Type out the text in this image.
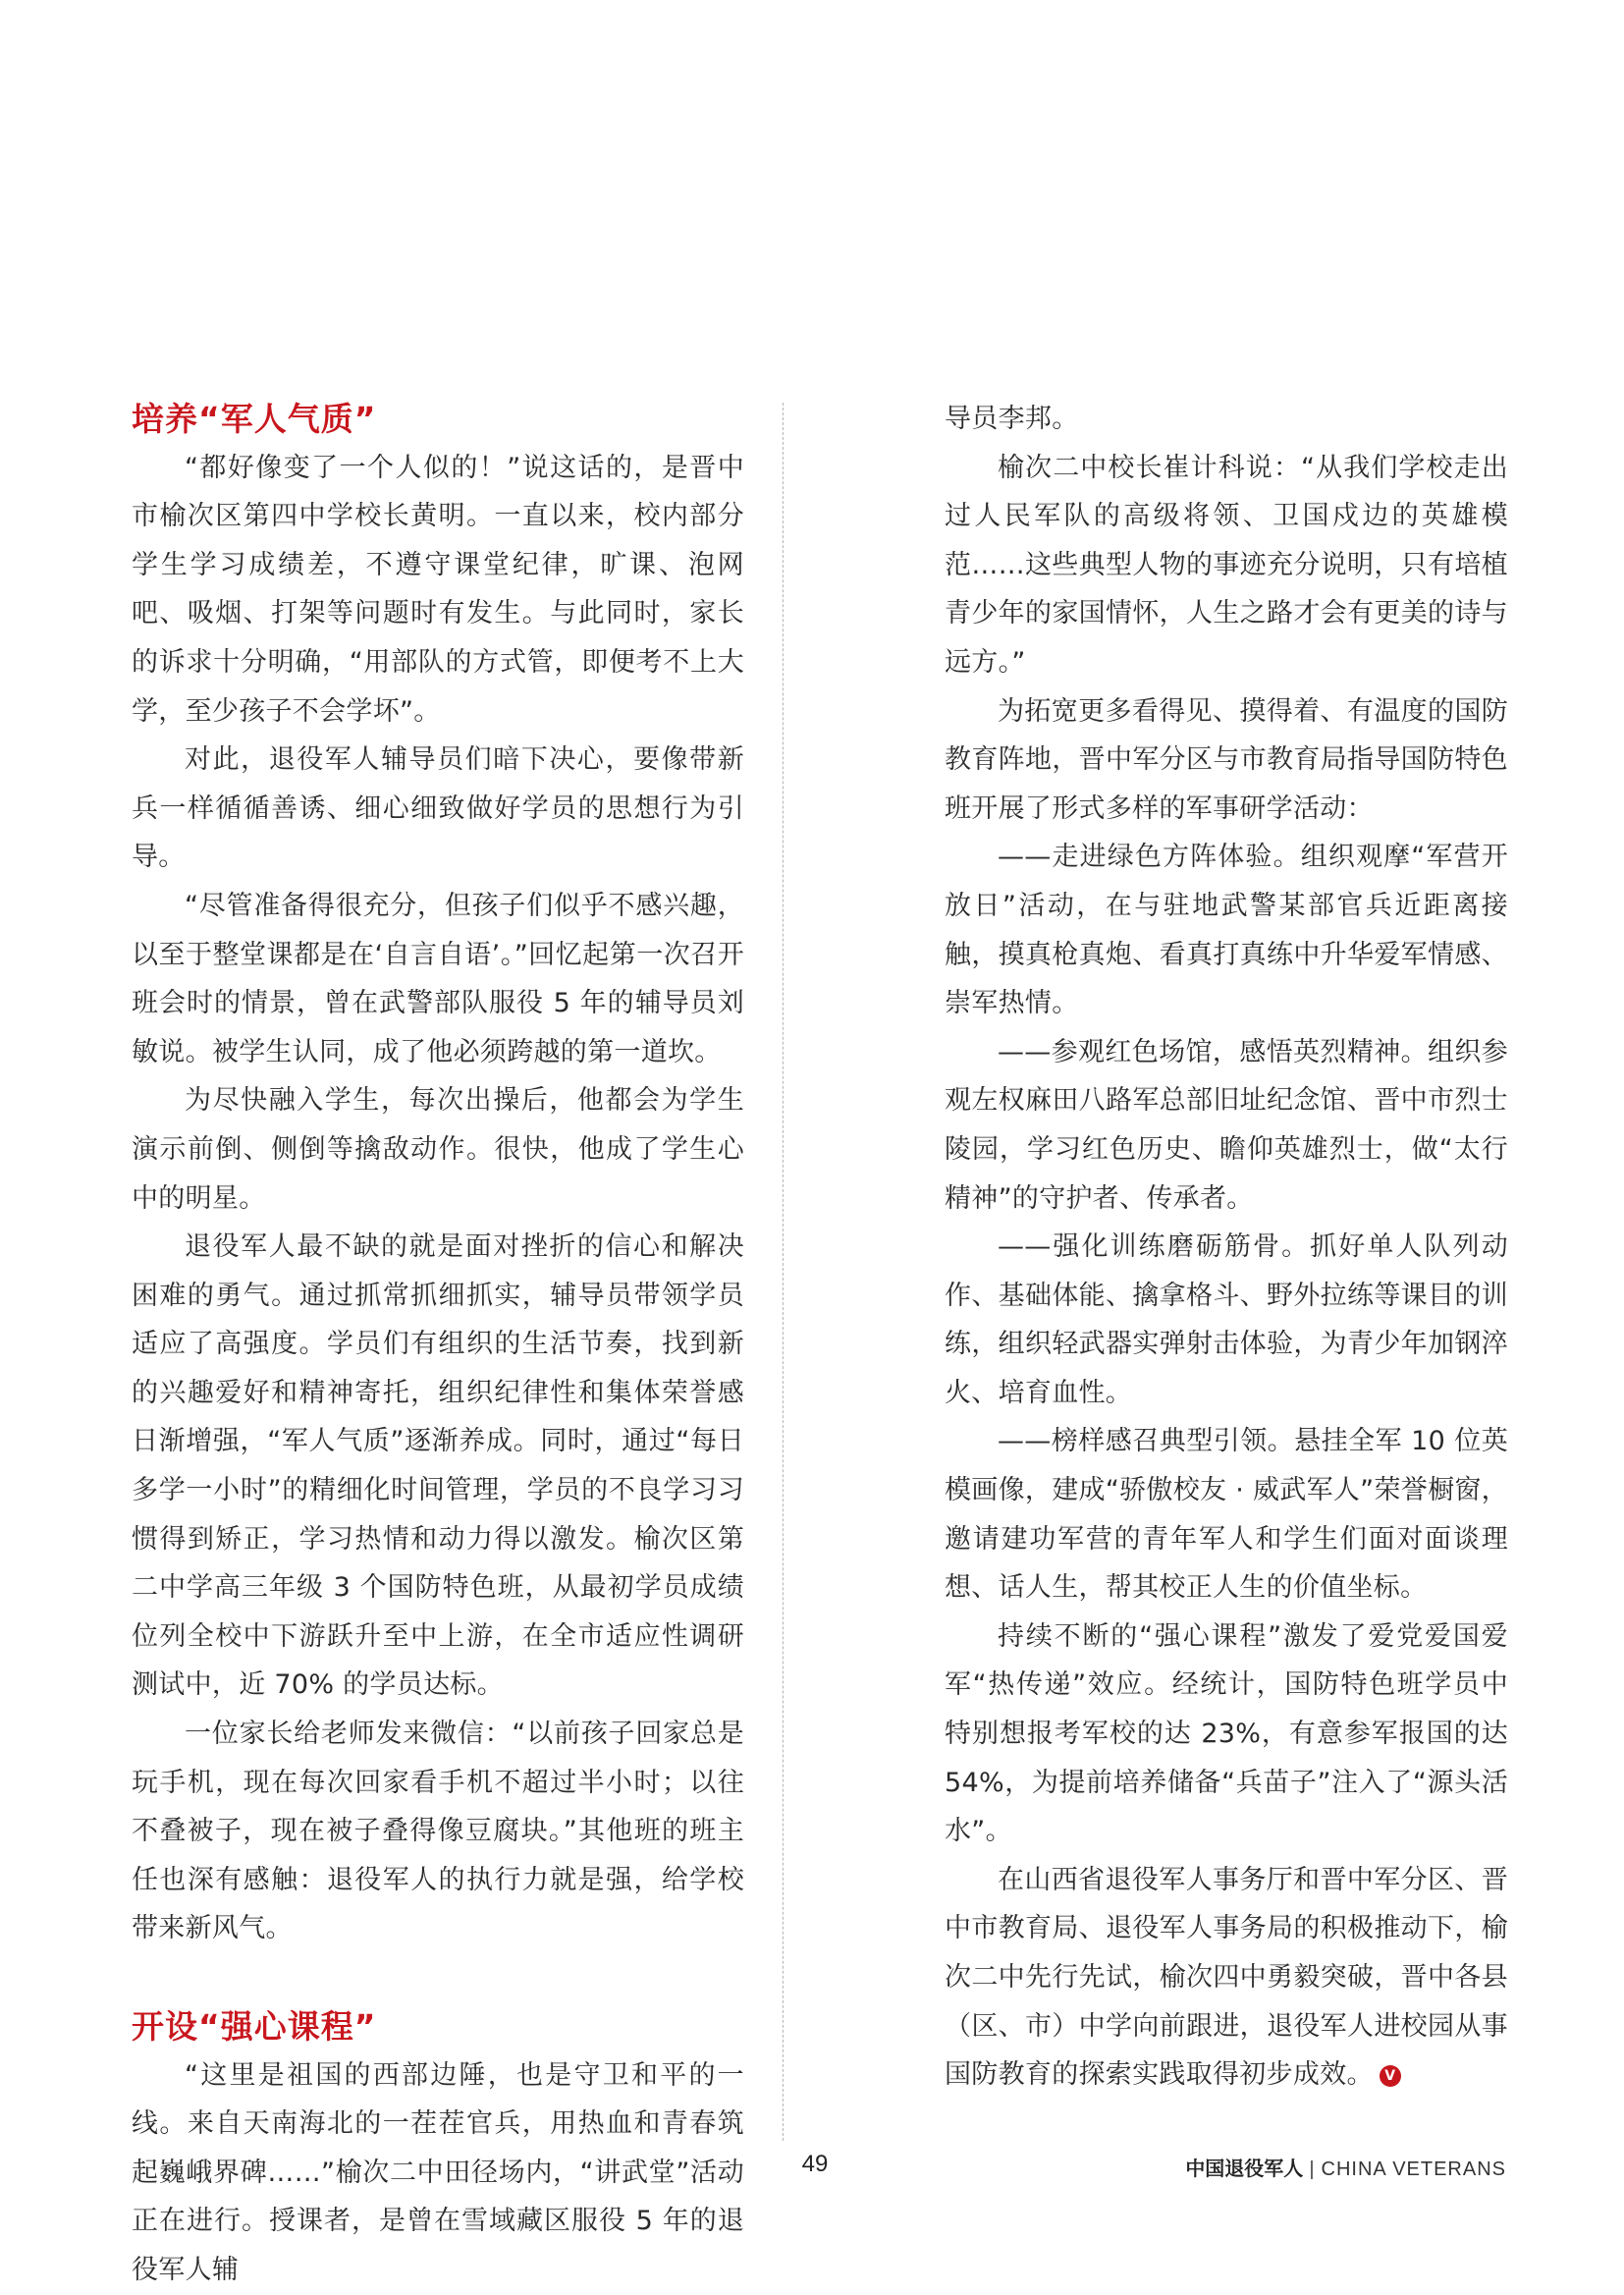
培养“军人气质”

“都好像变了一个人似的！”说这话的，是晋中市榆次区第四中学校长黄明。一直以来，校内部分学生学习成绩差，不遵守课堂纪律，旷课、泡网吧、吸烟、打架等问题时有发生。与此同时，家长的诉求十分明确，“用部队的方式管，即便考不上大学，至少孩子不会学坏”。

对此，退役军人辅导员们暗下决心，要像带新兵一样循循善诱、细心细致做好学员的思想行为引导。

“尽管准备得很充分，但孩子们似乎不感兴趣，以至于整堂课都是在‘自言自语’。”回忆起第一次召开班会时的情景，曾在武警部队服役 5 年的辅导员刘敏说。被学生认同，成了他必须跨越的第一道坎。

为尽快融入学生，每次出操后，他都会为学生演示前倒、侧倒等擒敌动作。很快，他成了学生心中的明星。

退役军人最不缺的就是面对挫折的信心和解决困难的勇气。通过抓常抓细抓实，辅导员带领学员适应了高强度。学员们有组织的生活节奏，找到新的兴趣爱好和精神寄托，组织纪律性和集体荣誉感日渐增强，“军人气质”逐渐养成。同时，通过“每日多学一小时”的精细化时间管理，学员的不良学习习惯得到矫正，学习热情和动力得以激发。榆次区第二中学高三年级 3 个国防特色班，从最初学员成绩位列全校中下游跃升至中上游，在全市适应性调研测试中，近 70% 的学员达标。

一位家长给老师发来微信：“以前孩子回家总是玩手机，现在每次回家看手机不超过半小时；以往不叠被子，现在被子叠得像豆腐块。”其他班的班主任也深有感触：退役军人的执行力就是强，给学校带来新风气。

开设“强心课程”

“这里是祖国的西部边陲，也是守卫和平的一线。来自天南海北的一茬茬官兵，用热血和青春筑起巍峨界碑……”榆次二中田径场内，“讲武堂”活动正在进行。授课者，是曾在雪域藏区服役 5 年的退役军人辅

导员李邦。

榆次二中校长崔计科说：“从我们学校走出过人民军队的高级将领、卫国戍边的英雄模范……这些典型人物的事迹充分说明，只有培植青少年的家国情怀，人生之路才会有更美的诗与远方。”

为拓宽更多看得见、摸得着、有温度的国防教育阵地，晋中军分区与市教育局指导国防特色班开展了形式多样的军事研学活动：

——走进绿色方阵体验。组织观摩“军营开放日”活动，在与驻地武警某部官兵近距离接触，摸真枪真炮、看真打真练中升华爱军情感、崇军热情。

——参观红色场馆，感悟英烈精神。组织参观左权麻田八路军总部旧址纪念馆、晋中市烈士陵园，学习红色历史、瞻仰英雄烈士，做“太行精神”的守护者、传承者。

——强化训练磨砺筋骨。抓好单人队列动作、基础体能、擒拿格斗、野外拉练等课目的训练，组织轻武器实弹射击体验，为青少年加钢淬火、培育血性。

——榜样感召典型引领。悬挂全军 10 位英模画像，建成“骄傲校友 · 威武军人”荣誉橱窗，邀请建功军营的青年军人和学生们面对面谈理想、话人生，帮其校正人生的价值坐标。

持续不断的“强心课程”激发了爱党爱国爱军“热传递”效应。经统计，国防特色班学员中特别想报考军校的达 23%，有意参军报国的达 54%，为提前培养储备“兵苗子”注入了“源头活水”。

在山西省退役军人事务厅和晋中军分区、晋中市教育局、退役军人事务局的积极推动下，榆次二中先行先试，榆次四中勇毅突破，晋中各县（区、市）中学向前跟进，退役军人进校园从事国防教育的探索实践取得初步成效。 V

49	中国退役军人 | CHINA VETERANS
